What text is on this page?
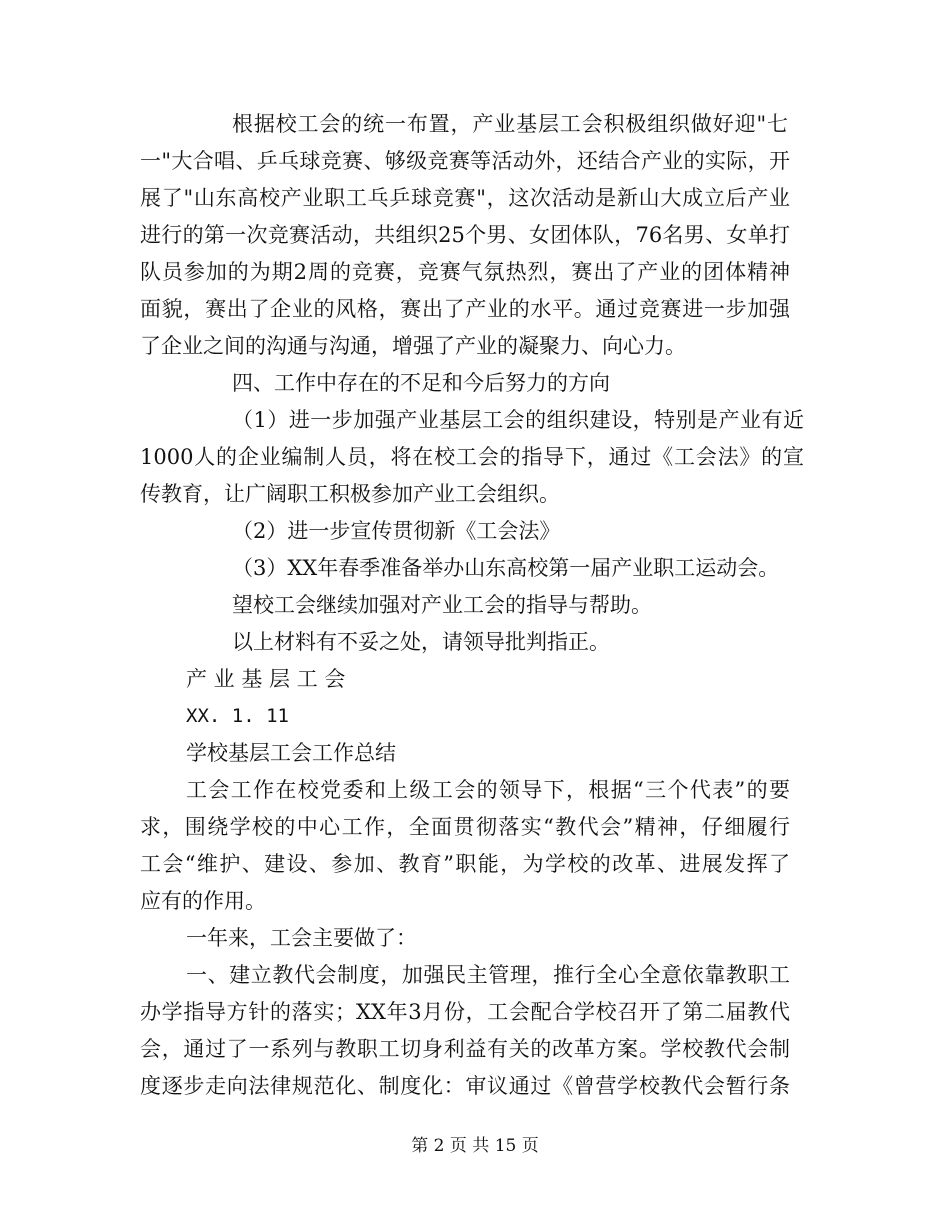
根据校工会的统一布置，产业基层工会积极组织做好迎"七
一"大合唱、乒乓球竞赛、够级竞赛等活动外，还结合产业的实际，开
展了"山东高校产业职工乓乒球竞赛"，这次活动是新山大成立后产业
进行的第一次竞赛活动，共组织25个男、女团体队，76名男、女单打
队员参加的为期2周的竞赛，竞赛气氛热烈，赛出了产业的团体精神
面貌，赛出了企业的风格，赛出了产业的水平。通过竞赛进一步加强
了企业之间的沟通与沟通，增强了产业的凝聚力、向心力。
四、工作中存在的不足和今后努力的方向
（1）进一步加强产业基层工会的组织建设，特别是产业有近
1000人的企业编制人员，将在校工会的指导下，通过《工会法》的宣
传教育，让广阔职工积极参加产业工会组织。
（2）进一步宣传贯彻新《工会法》
（3）XX年春季准备举办山东高校第一届产业职工运动会。
望校工会继续加强对产业工会的指导与帮助。
以上材料有不妥之处，请领导批判指正。
产 业 基 层 工 会
XX. 1. 11
学校基层工会工作总结
工会工作在校党委和上级工会的领导下，根据“三个代表”的要
求，围绕学校的中心工作，全面贯彻落实“教代会”精神，仔细履行
工会“维护、建设、参加、教育”职能，为学校的改革、进展发挥了
应有的作用。
一年来，工会主要做了：
一、建立教代会制度，加强民主管理，推行全心全意依靠教职工
办学指导方针的落实；XX年3月份，工会配合学校召开了第二届教代
会，通过了一系列与教职工切身利益有关的改革方案。学校教代会制
度逐步走向法律规范化、制度化：审议通过《曾营学校教代会暂行条
第 2 页 共 15 页
